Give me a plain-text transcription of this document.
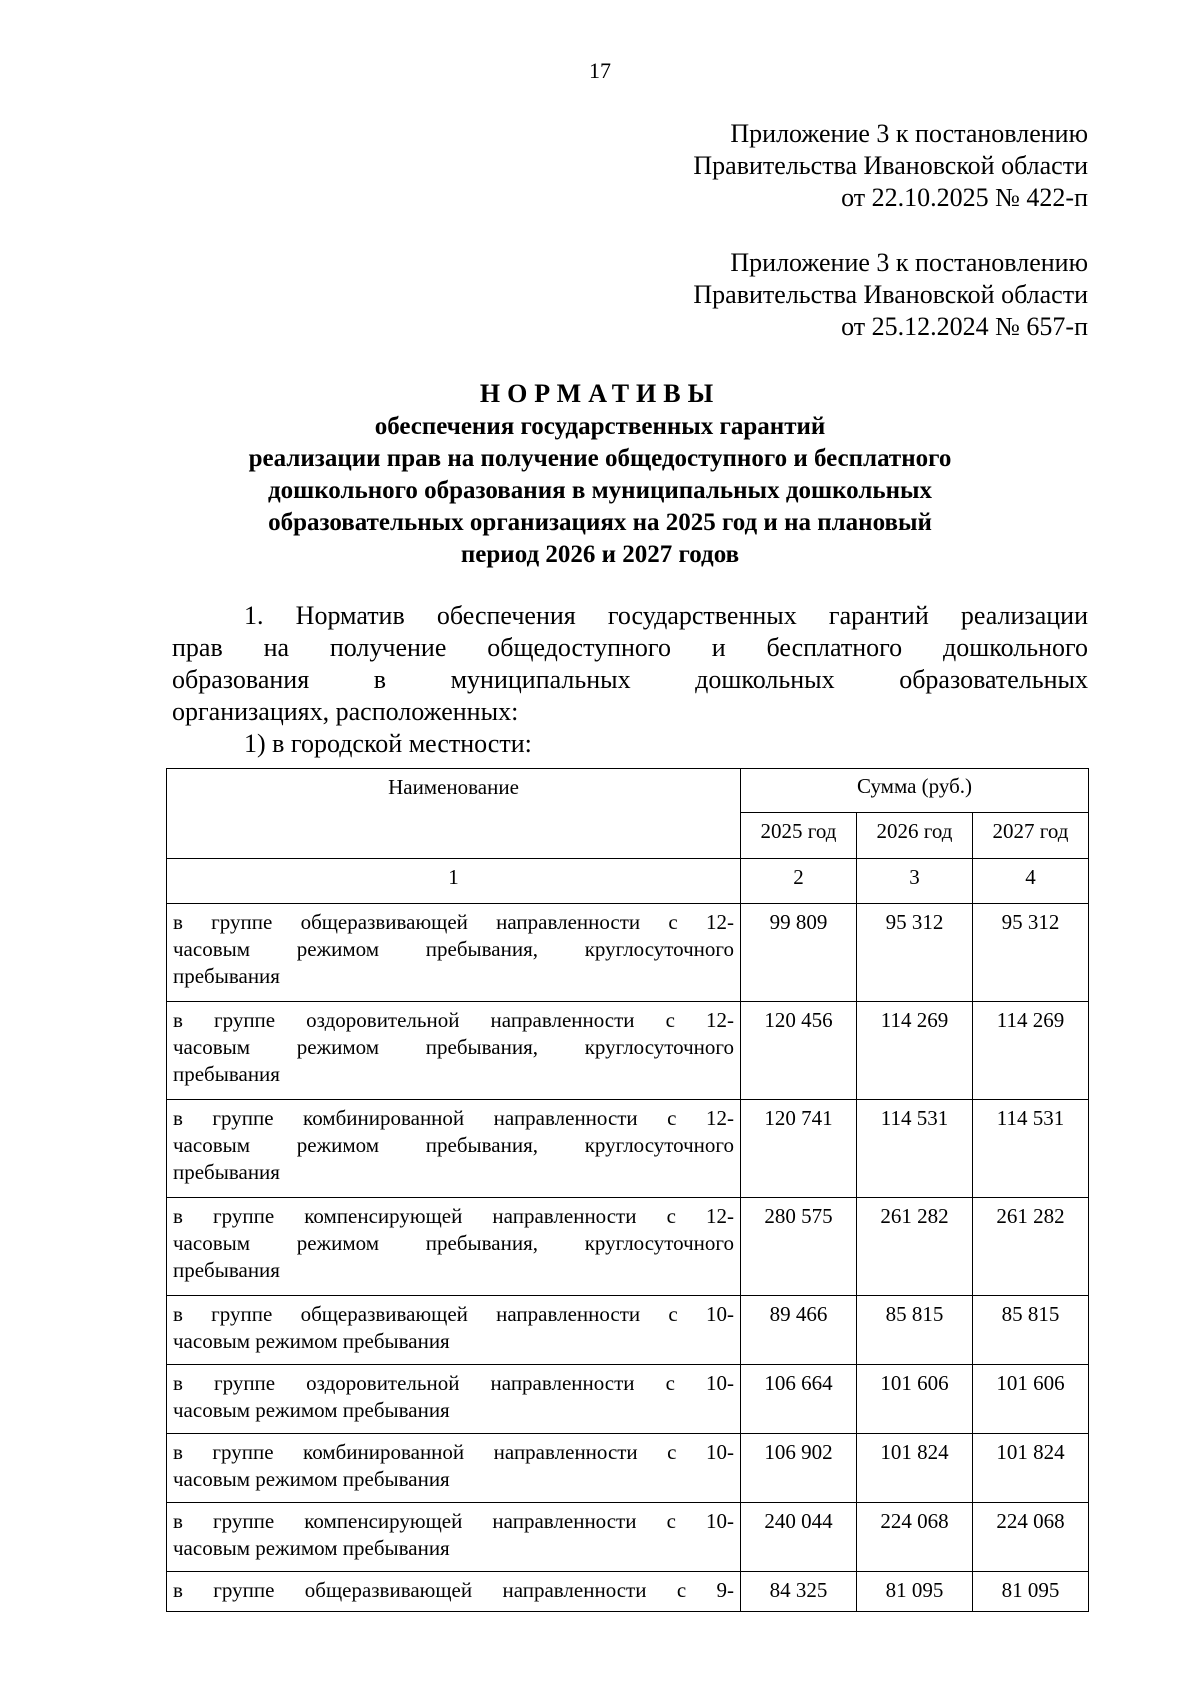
17
Приложение 3 к постановлению
Правительства Ивановской области
от 22.10.2025 № 422-п
Приложение 3 к постановлению
Правительства Ивановской области
от 25.12.2024 № 657-п
НОРМАТИВЫ
обеспечения государственных гарантий
реализации прав на получение общедоступного и бесплатного
дошкольного образования в муниципальных дошкольных
образовательных организациях на 2025 год и на плановый
период 2026 и 2027 годов
1. Норматив обеспечения государственных гарантий реализации
прав на получение общедоступного и бесплатного дошкольного
образования в муниципальных дошкольных образовательных
организациях, расположенных:
1) в городской местности:
Наименование	Сумма (руб.)		
	2025 год	2026 год	2027 год
1	2	3	4

в группе общеразвивающей направленности с 12-
часовым режимом пребывания, круглосуточного
пребывания	99 809	95 312	95 312

в группе оздоровительной направленности с 12-
часовым режимом пребывания, круглосуточного
пребывания	120 456	114 269	114 269

в группе комбинированной направленности с 12-
часовым режимом пребывания, круглосуточного
пребывания	120 741	114 531	114 531

в группе компенсирующей направленности с 12-
часовым режимом пребывания, круглосуточного
пребывания	280 575	261 282	261 282

в группе общеразвивающей направленности с 10-
часовым режимом пребывания	89 466	85 815	85 815

в группе оздоровительной направленности с 10-
часовым режимом пребывания	106 664	101 606	101 606

в группе комбинированной направленности с 10-
часовым режимом пребывания	106 902	101 824	101 824

в группе компенсирующей направленности с 10-
часовым режимом пребывания	240 044	224 068	224 068

в группе общеразвивающей направленности с 9-	84 325	81 095	81 095
